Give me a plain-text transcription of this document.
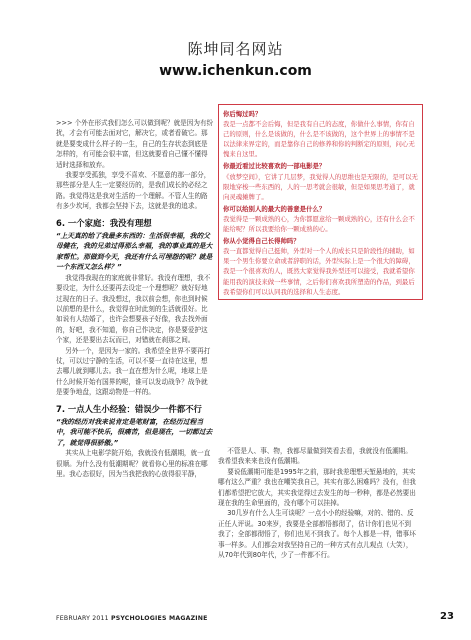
陈坤同名网站
www.ichenkun.com

>>> 个外在形式我们怎么可以做到呢？就是因为有纷扰，才会有可能去面对它，解决它，或者看破它。那就是要变成什么样子的一生，自己的生存状态到底是怎样的，有可能会很丰富，但这就要看自己懂不懂得适时选择和放弃。

我要享受孤独，享受不喜欢、不愿意的那一部分，那些部分是人生一定要经历的，是我们成长的必经之路。我觉得这是我对生活的一个理解。不管人生的路有多少坎坷，我都会坚持下去，这就是我的追求。

6. 一个家庭：我没有理想

“上天真的给了我最多东西的：生活很幸福，我的父母健在，我的兄弟过得那么幸福，我的事业真的是大家帮忙。那做到今天，我还有什么可埋怨的呢？就是一个东西又怎么样？”

我觉得我现在的家庭就非常好。我没有理想，我不要设定，为什么还要再去设定一个理想呢？就好好地过现在的日子。我没想过，我以前会想，你也到时候以前想的是什么，我觉得在时此刻的生活就很好。比如说有人结婚了，也许会想要孩子好像，我去找外面的，好吧，我不知道，你自己作决定，你是要爱护这个家，还是要出去玩而已，对错就在刹那之间。

另外一个，是因为一家的。我希望全世界不要再打仗，可以过宁静的生活，可以不要一直待在这里，想去哪儿就到哪儿去。我一直在想为什么呢，地球上是什么时候开始有国界的呢，谁可以发动战争？战争就是要争地盘，这跟动物是一样的。

7. 一点人生小经验：错误少一件都不行

“我的经历对我来说肯定是笔财富，在经历过程当中，我可能不快乐，很痛苦，但是现在，一切都过去了，就觉得很骄傲。”

其实从上电影学院开始，我就没有低潮期，就一直很顺。为什么没有低潮期呢？就看你心里的标准在哪里。我心态很好，因为当我把我的心放得很平静，

你后悔过吗？

我是一点都不会后悔，但是我有自己的态度，你做什么事情，你有自己的原则，什么是该做的，什么是不该做的，这个世界上的事情不是以法律来界定的，而是靠你自己的修养和你的判断定的原则，问心无愧来自这里。

你最近看过比较喜欢的一部电影是？

《放梦空间》，它讲了几层梦，我觉得人的思维也是无限的，是可以无限地穿梭一些东西的，人的一思考就会很敏，但是如果思考通了，就向灵魂摊牌了。

你可以给别人的最大的善意是什么？

我觉得是一颗成熟的心，为你都愿意给一颗成熟的心，还有什么会不能给呢？所以我要给你一颗成熟的心。

你从小觉得自己长得帅吗？

我一直都觉得自己挺帅，外型对一个人的成长只是阶段性的辅助，如果一个男生你要立命或者辞职的话，外型实际上是一个很大的障碍，我是一个很喜欢的人，既然大家觉得我外型还可以接受，我就希望你能用我的演技来做一些事情，之后你们喜欢我所塑造的作品，到最后我希望你们可以认同我的选择和人生态度。

不管是人、事、物，我都尽量做到笑看去看，我就没有低潮期。我希望我来来也没有低潮期。

要说低潮期可能是1995年之前，那时我差理想天堑悬地的，其实哪有这么严重？我也在嘲笑我自己，其实有那么困难吗？没有，但我们都希望把它放大，其实我觉得过去发生的每一秒种，都是必然要出现在我的生命里面的，没有哪个可以挂掉。

30几岁有什么人生可谈呢？一点小小的经验嘛，对的、错的、反正任人评说。30来岁，我要是全部都悟都彻了，估计你们也见不到我了；全部都彻悟了，你们也见不到我了。每个人都是一样，错事坏事一样多。人们都会对我坚持自己的一种方式有点儿观点（大笑），从70年代到80年代，少了一件都不行。

FEBRUARY 2011 PSYCHOLOGIES MAGAZINE	23
